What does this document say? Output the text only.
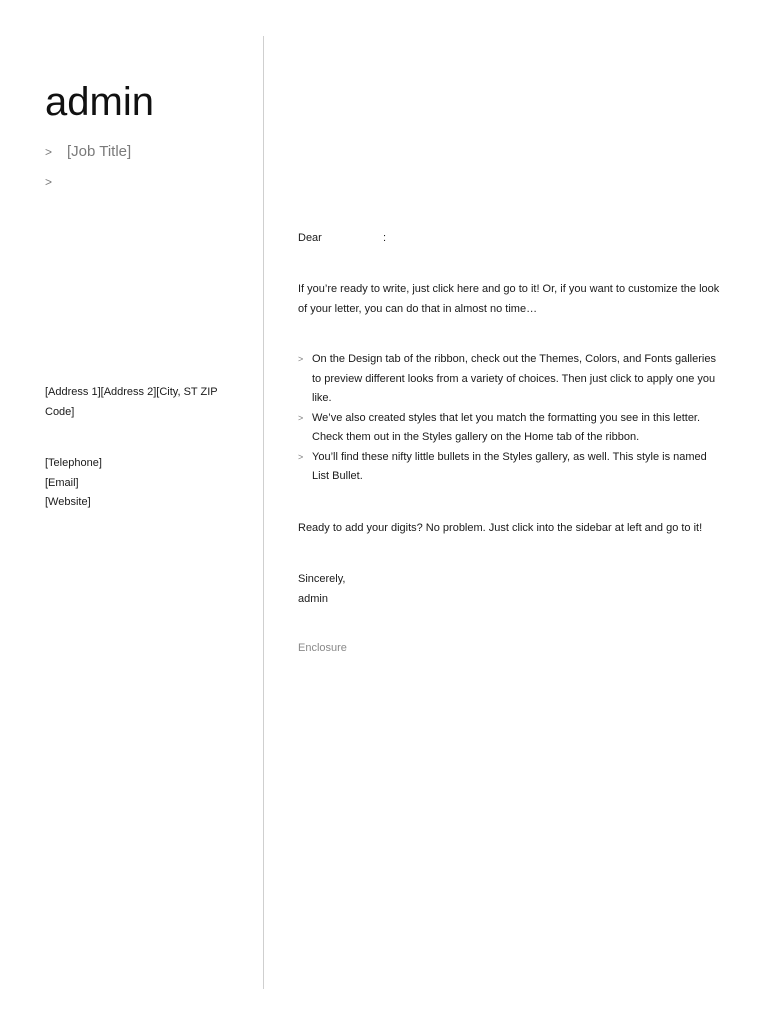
admin
> [Job Title]
>
[Address 1][Address 2][City, ST ZIP Code]
[Telephone]
[Email]
[Website]

Dear                    :

If you’re ready to write, just click here and go to it! Or, if you want to customize the look of your letter, you can do that in almost no time…

> On the Design tab of the ribbon, check out the Themes, Colors, and Fonts galleries to preview different looks from a variety of choices. Then just click to apply one you like.
> We’ve also created styles that let you match the formatting you see in this letter. Check them out in the Styles gallery on the Home tab of the ribbon.
> You’ll find these nifty little bullets in the Styles gallery, as well. This style is named List Bullet.

Ready to add your digits? No problem. Just click into the sidebar at left and go to it!

Sincerely,
admin

Enclosure
